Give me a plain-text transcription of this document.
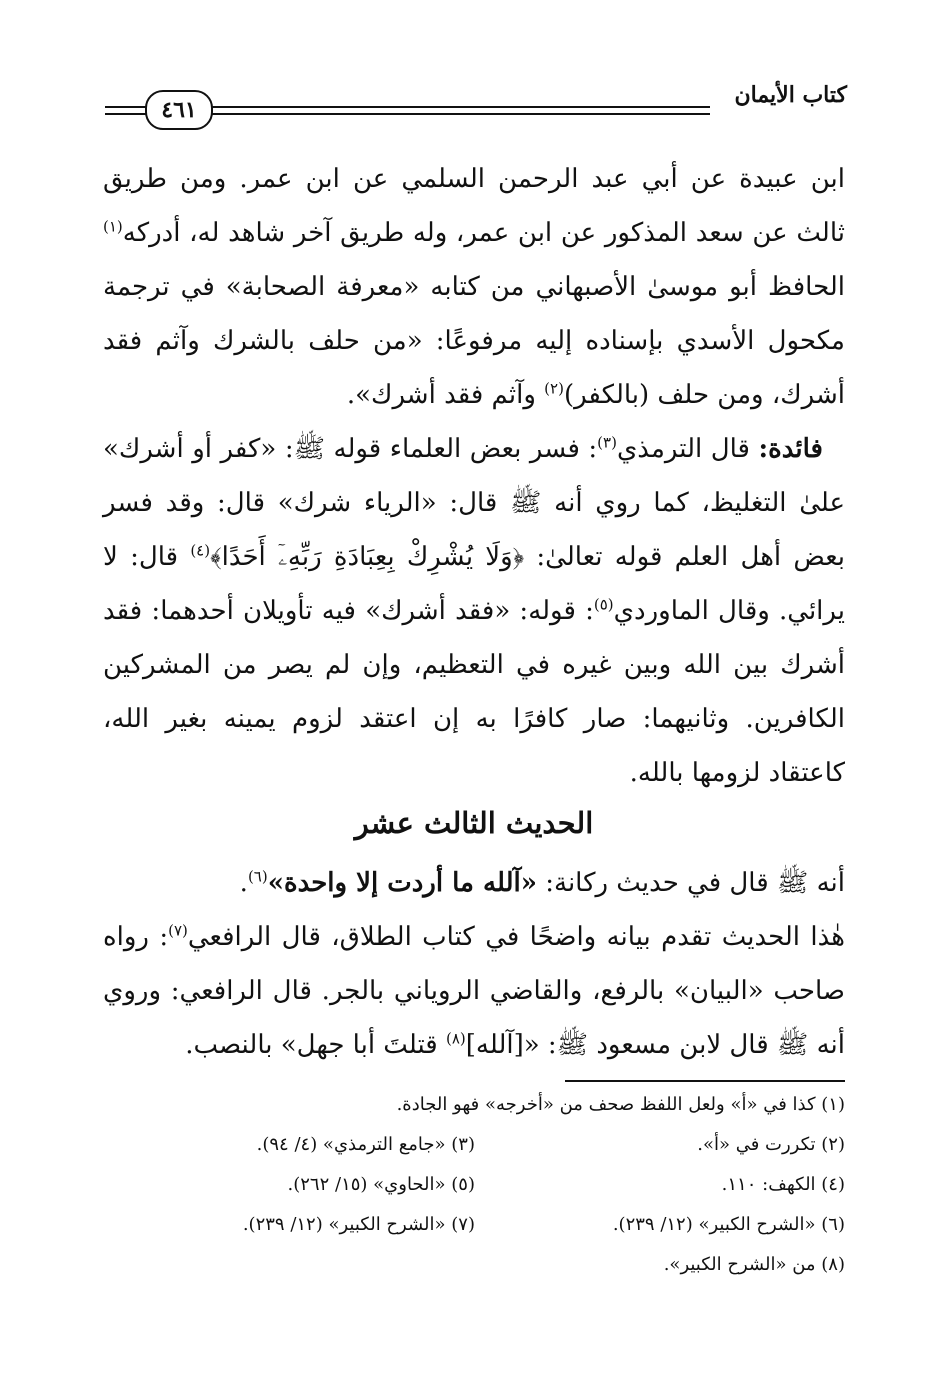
كتاب الأيمان
٤٦١

ابن عبيدة عن أبي عبد الرحمن السلمي عن ابن عمر. ومن طريق ثالث عن سعد المذكور عن ابن عمر، وله طريق آخر شاهد له، أدركه$^{(١)}$ الحافظ أبو موسىٰ الأصبهاني من كتابه «معرفة الصحابة» في ترجمة مكحول الأسدي بإسناده إليه مرفوعًا: «من حلف بالشرك وآثم فقد أشرك، ومن حلف (بالكفر)$^{(٢)}$ وآثم فقد أشرك».

فائدة: قال الترمذي$^{(٣)}$: فسر بعض العلماء قوله ﷺ: «كفر أو أشرك» علىٰ التغليظ، كما روي أنه ﷺ قال: «الرياء شرك» قال: وقد فسر بعض أهل العلم قوله تعالىٰ: ﴿وَلَا يُشْرِكْ بِعِبَادَةِ رَبِّهِۦٓ أَحَدًا﴾$^{(٤)}$ قال: لا يرائي. وقال الماوردي$^{(٥)}$: قوله: «فقد أشرك» فيه تأويلان أحدهما: فقد أشرك بين الله وبين غيره في التعظيم، وإن لم يصر من المشركين الكافرين. وثانيهما: صار كافرًا به إن اعتقد لزوم يمينه بغير الله، كاعتقاد لزومها بالله.

الحديث الثالث عشر

أنه ﷺ قال في حديث ركانة: «آلله ما أردت إلا واحدة»$^{(٦)}$.

هٰذا الحديث تقدم بيانه واضحًا في كتاب الطلاق، قال الرافعي$^{(٧)}$: رواه صاحب «البيان» بالرفع، والقاضي الروياني بالجر. قال الرافعي: وروي أنه ﷺ قال لابن مسعود ﷺ: «[آلله]$^{(٨)}$ قتلتَ أبا جهل» بالنصب.

(١) كذا في «أ» ولعل اللفظ صحف من «أخرجه» فهو الجادة.
(٢) تكررت في «أ».
(٣) «جامع الترمذي» (٤/ ٩٤).
(٤) الكهف: ١١٠.
(٥) «الحاوي» (١٥/ ٢٦٢).
(٦) «الشرح الكبير» (١٢/ ٢٣٩).
(٧) «الشرح الكبير» (١٢/ ٢٣٩).
(٨) من «الشرح الكبير».
